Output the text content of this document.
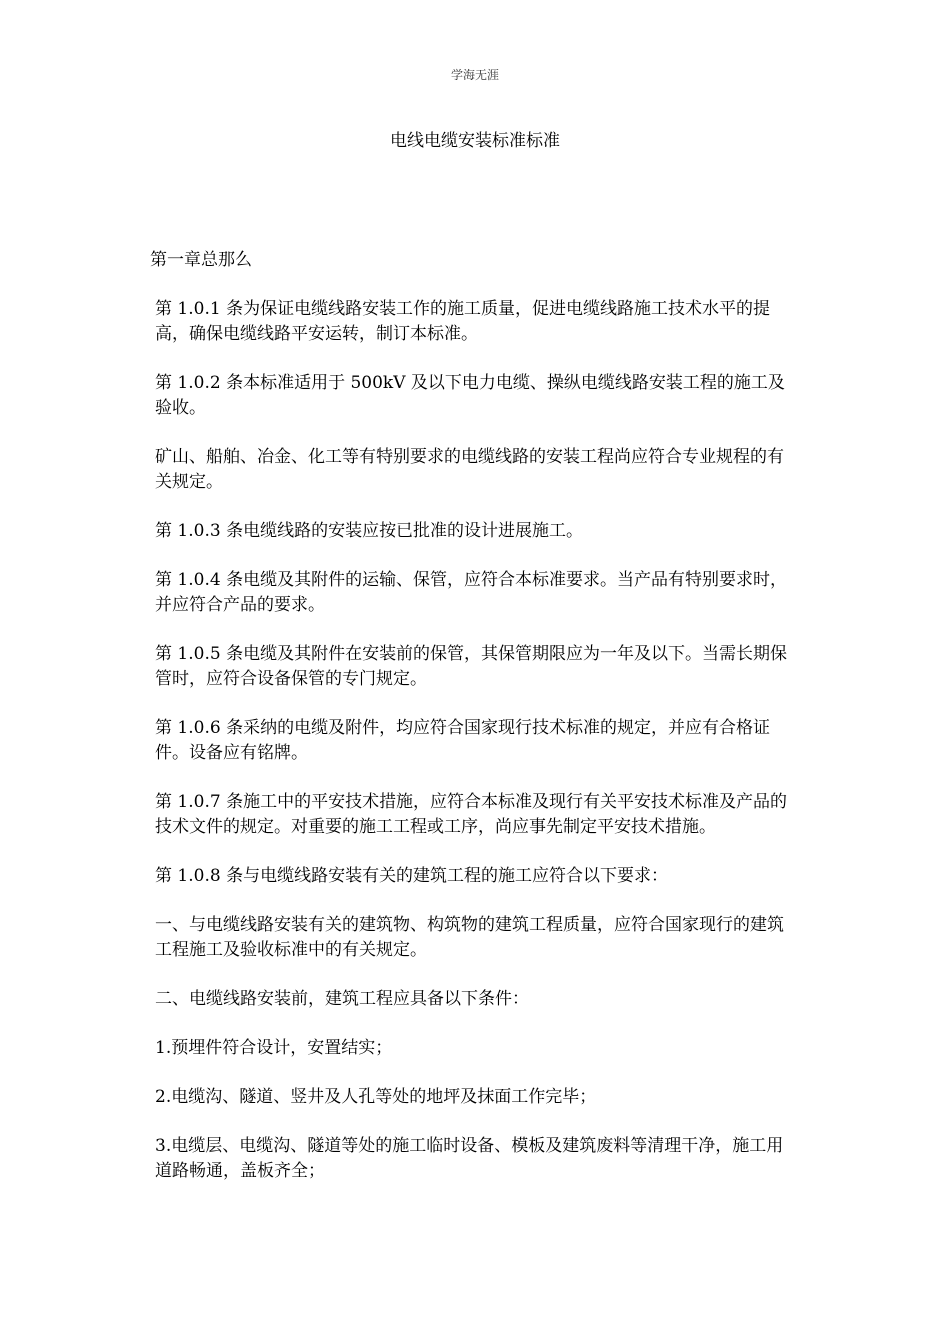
学海无涯
电线电缆安装标准标准

第一章总那么

第 1.0.1 条为保证电缆线路安装工作的施工质量，促进电缆线路施工技术水平的提高，确保电缆线路平安运转，制订本标准。

第 1.0.2 条本标准适用于 500kV 及以下电力电缆、操纵电缆线路安装工程的施工及验收。

矿山、船舶、冶金、化工等有特别要求的电缆线路的安装工程尚应符合专业规程的有关规定。

第 1.0.3 条电缆线路的安装应按已批准的设计进展施工。

第 1.0.4 条电缆及其附件的运输、保管，应符合本标准要求。当产品有特别要求时，并应符合产品的要求。

第 1.0.5 条电缆及其附件在安装前的保管，其保管期限应为一年及以下。当需长期保管时，应符合设备保管的专门规定。

第 1.0.6 条采纳的电缆及附件，均应符合国家现行技术标准的规定，并应有合格证件。设备应有铭牌。

第 1.0.7 条施工中的平安技术措施，应符合本标准及现行有关平安技术标准及产品的技术文件的规定。对重要的施工工程或工序，尚应事先制定平安技术措施。

第 1.0.8 条与电缆线路安装有关的建筑工程的施工应符合以下要求：

一、与电缆线路安装有关的建筑物、构筑物的建筑工程质量，应符合国家现行的建筑工程施工及验收标准中的有关规定。

二、电缆线路安装前，建筑工程应具备以下条件：

1.预埋件符合设计，安置结实；

2.电缆沟、隧道、竖井及人孔等处的地坪及抹面工作完毕；

3.电缆层、电缆沟、隧道等处的施工临时设备、模板及建筑废料等清理干净，施工用道路畅通，盖板齐全；
